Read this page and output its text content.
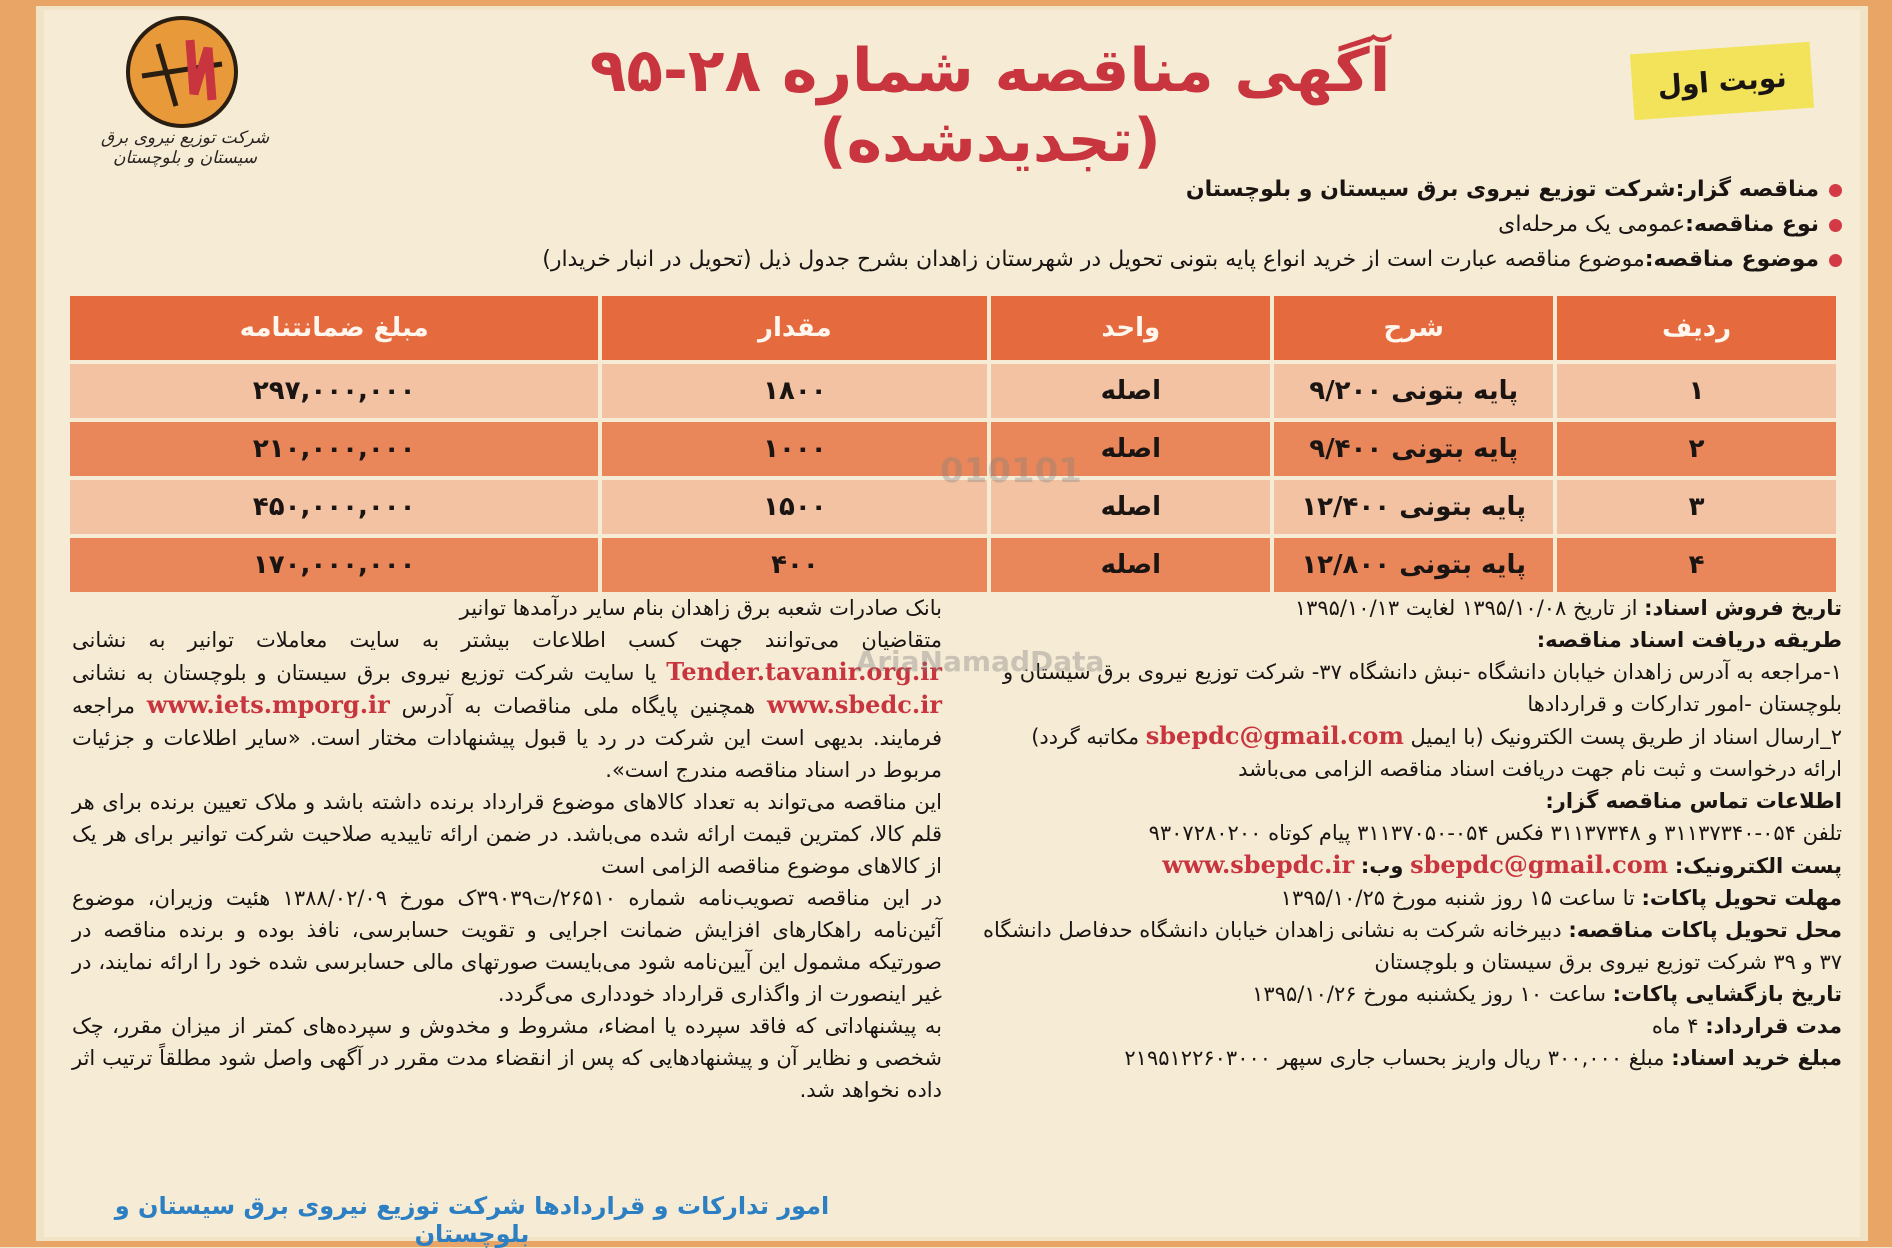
شرکت توزیع نیروی برق سیستان و بلوچستان
آگهی مناقصه شماره ۲۸-۹۵ (تجدیدشده)
نوبت اول
مناقصه گزار:شرکت توزیع نیروی برق سیستان و بلوچستان
نوع مناقصه:عمومی یک مرحله‌ای
موضوع مناقصه:موضوع مناقصه عبارت است از خرید انواع پایه بتونی تحویل در شهرستان زاهدان بشرح جدول ذیل (تحویل در انبار خریدار)
ردیف	شرح	واحد	مقدار	مبلغ ضمانتنامه
۱	پایه بتونی ۹/۲۰۰	اصله	۱۸۰۰	۲۹۷,۰۰۰,۰۰۰
۲	پایه بتونی ۹/۴۰۰	اصله	۱۰۰۰	۲۱۰,۰۰۰,۰۰۰
۳	پایه بتونی ۱۲/۴۰۰	اصله	۱۵۰۰	۴۵۰,۰۰۰,۰۰۰
۴	پایه بتونی ۱۲/۸۰۰	اصله	۴۰۰	۱۷۰,۰۰۰,۰۰۰
010101
تاریخ فروش اسناد: از تاریخ ۱۳۹۵/۱۰/۰۸ لغایت ۱۳۹۵/۱۰/۱۳
طریقه دریافت اسناد مناقصه:
۱-مراجعه به آدرس زاهدان خیابان دانشگاه -نبش دانشگاه ۳۷- شرکت توزیع نیروی برق سیستان و بلوچستان -امور تدارکات و قراردادها
۲_ارسال اسناد از طریق پست الکترونیک (با ایمیل sbepdc@gmail.com مکاتبه گردد)
ارائه درخواست و ثبت نام جهت دریافت اسناد مناقصه الزامی می‌باشد
اطلاعات تماس مناقصه گزار:
تلفن ۰۵۴-۳۱۱۳۷۳۴۰ و ۳۱۱۳۷۳۴۸ فکس ۰۵۴-۳۱۱۳۷۰۵۰ پیام کوتاه ۹۳۰۷۲۸۰۲۰۰
پست الکترونیک: sbepdc@gmail.com وب: www.sbepdc.ir
مهلت تحویل پاکات: تا ساعت ۱۵ روز شنبه مورخ ۱۳۹۵/۱۰/۲۵
محل تحویل پاکات مناقصه: دبیرخانه شرکت به نشانی زاهدان خیابان دانشگاه حدفاصل دانشگاه ۳۷ و ۳۹ شرکت توزیع نیروی برق سیستان و بلوچستان
تاریخ بازگشایی پاکات: ساعت ۱۰ روز یکشنبه مورخ ۱۳۹۵/۱۰/۲۶
مدت قرارداد: ۴ ماه
مبلغ خرید اسناد: مبلغ ۳۰۰,۰۰۰ ریال واریز بحساب جاری سپهر ۲۱۹۵۱۲۲۶۰۳۰۰۰
بانک صادرات شعبه برق زاهدان بنام سایر درآمدها توانیر
متقاضیان می‌توانند جهت کسب اطلاعات بیشتر به سایت معاملات توانیر به نشانی Tender.tavanir.org.ir یا سایت شرکت توزیع نیروی برق سیستان و بلوچستان به نشانی www.sbedc.ir همچنین پایگاه ملی مناقصات به آدرس www.iets.mporg.ir مراجعه فرمایند. بدیهی است این شرکت در رد یا قبول پیشنهادات مختار است. «سایر اطلاعات و جزئیات مربوط در اسناد مناقصه مندرج است».
این مناقصه می‌تواند به تعداد کالاهای موضوع قرارداد برنده داشته باشد و ملاک تعیین برنده برای هر قلم کالا، کمترین قیمت ارائه شده می‌باشد. در ضمن ارائه تاییدیه صلاحیت شرکت توانیر برای هر یک از کالاهای موضوع مناقصه الزامی است
در این مناقصه تصویب‌نامه شماره ۲۶۵۱۰/ت۳۹۰۳۹ک مورخ ۱۳۸۸/۰۲/۰۹ هئیت وزیران، موضوع آئین‌نامه راهکارهای افزایش ضمانت اجرایی و تقویت حسابرسی، نافذ بوده و برنده مناقصه در صورتیکه مشمول این آیین‌نامه شود می‌بایست صورتهای مالی حسابرسی شده خود را ارائه نمایند، در غیر اینصورت از واگذاری قرارداد خودداری می‌گردد.
به پیشنهاداتی که فاقد سپرده یا امضاء، مشروط و مخدوش و سپرده‌های کمتر از میزان مقرر، چک شخصی و نظایر آن و پیشنهادهایی که پس از انقضاء مدت مقرر در آگهی واصل شود مطلقاً ترتیب اثر داده نخواهد شد.
AriaNamadData
امور تدارکات و قراردادها شرکت توزیع نیروی برق سیستان و بلوچستان
